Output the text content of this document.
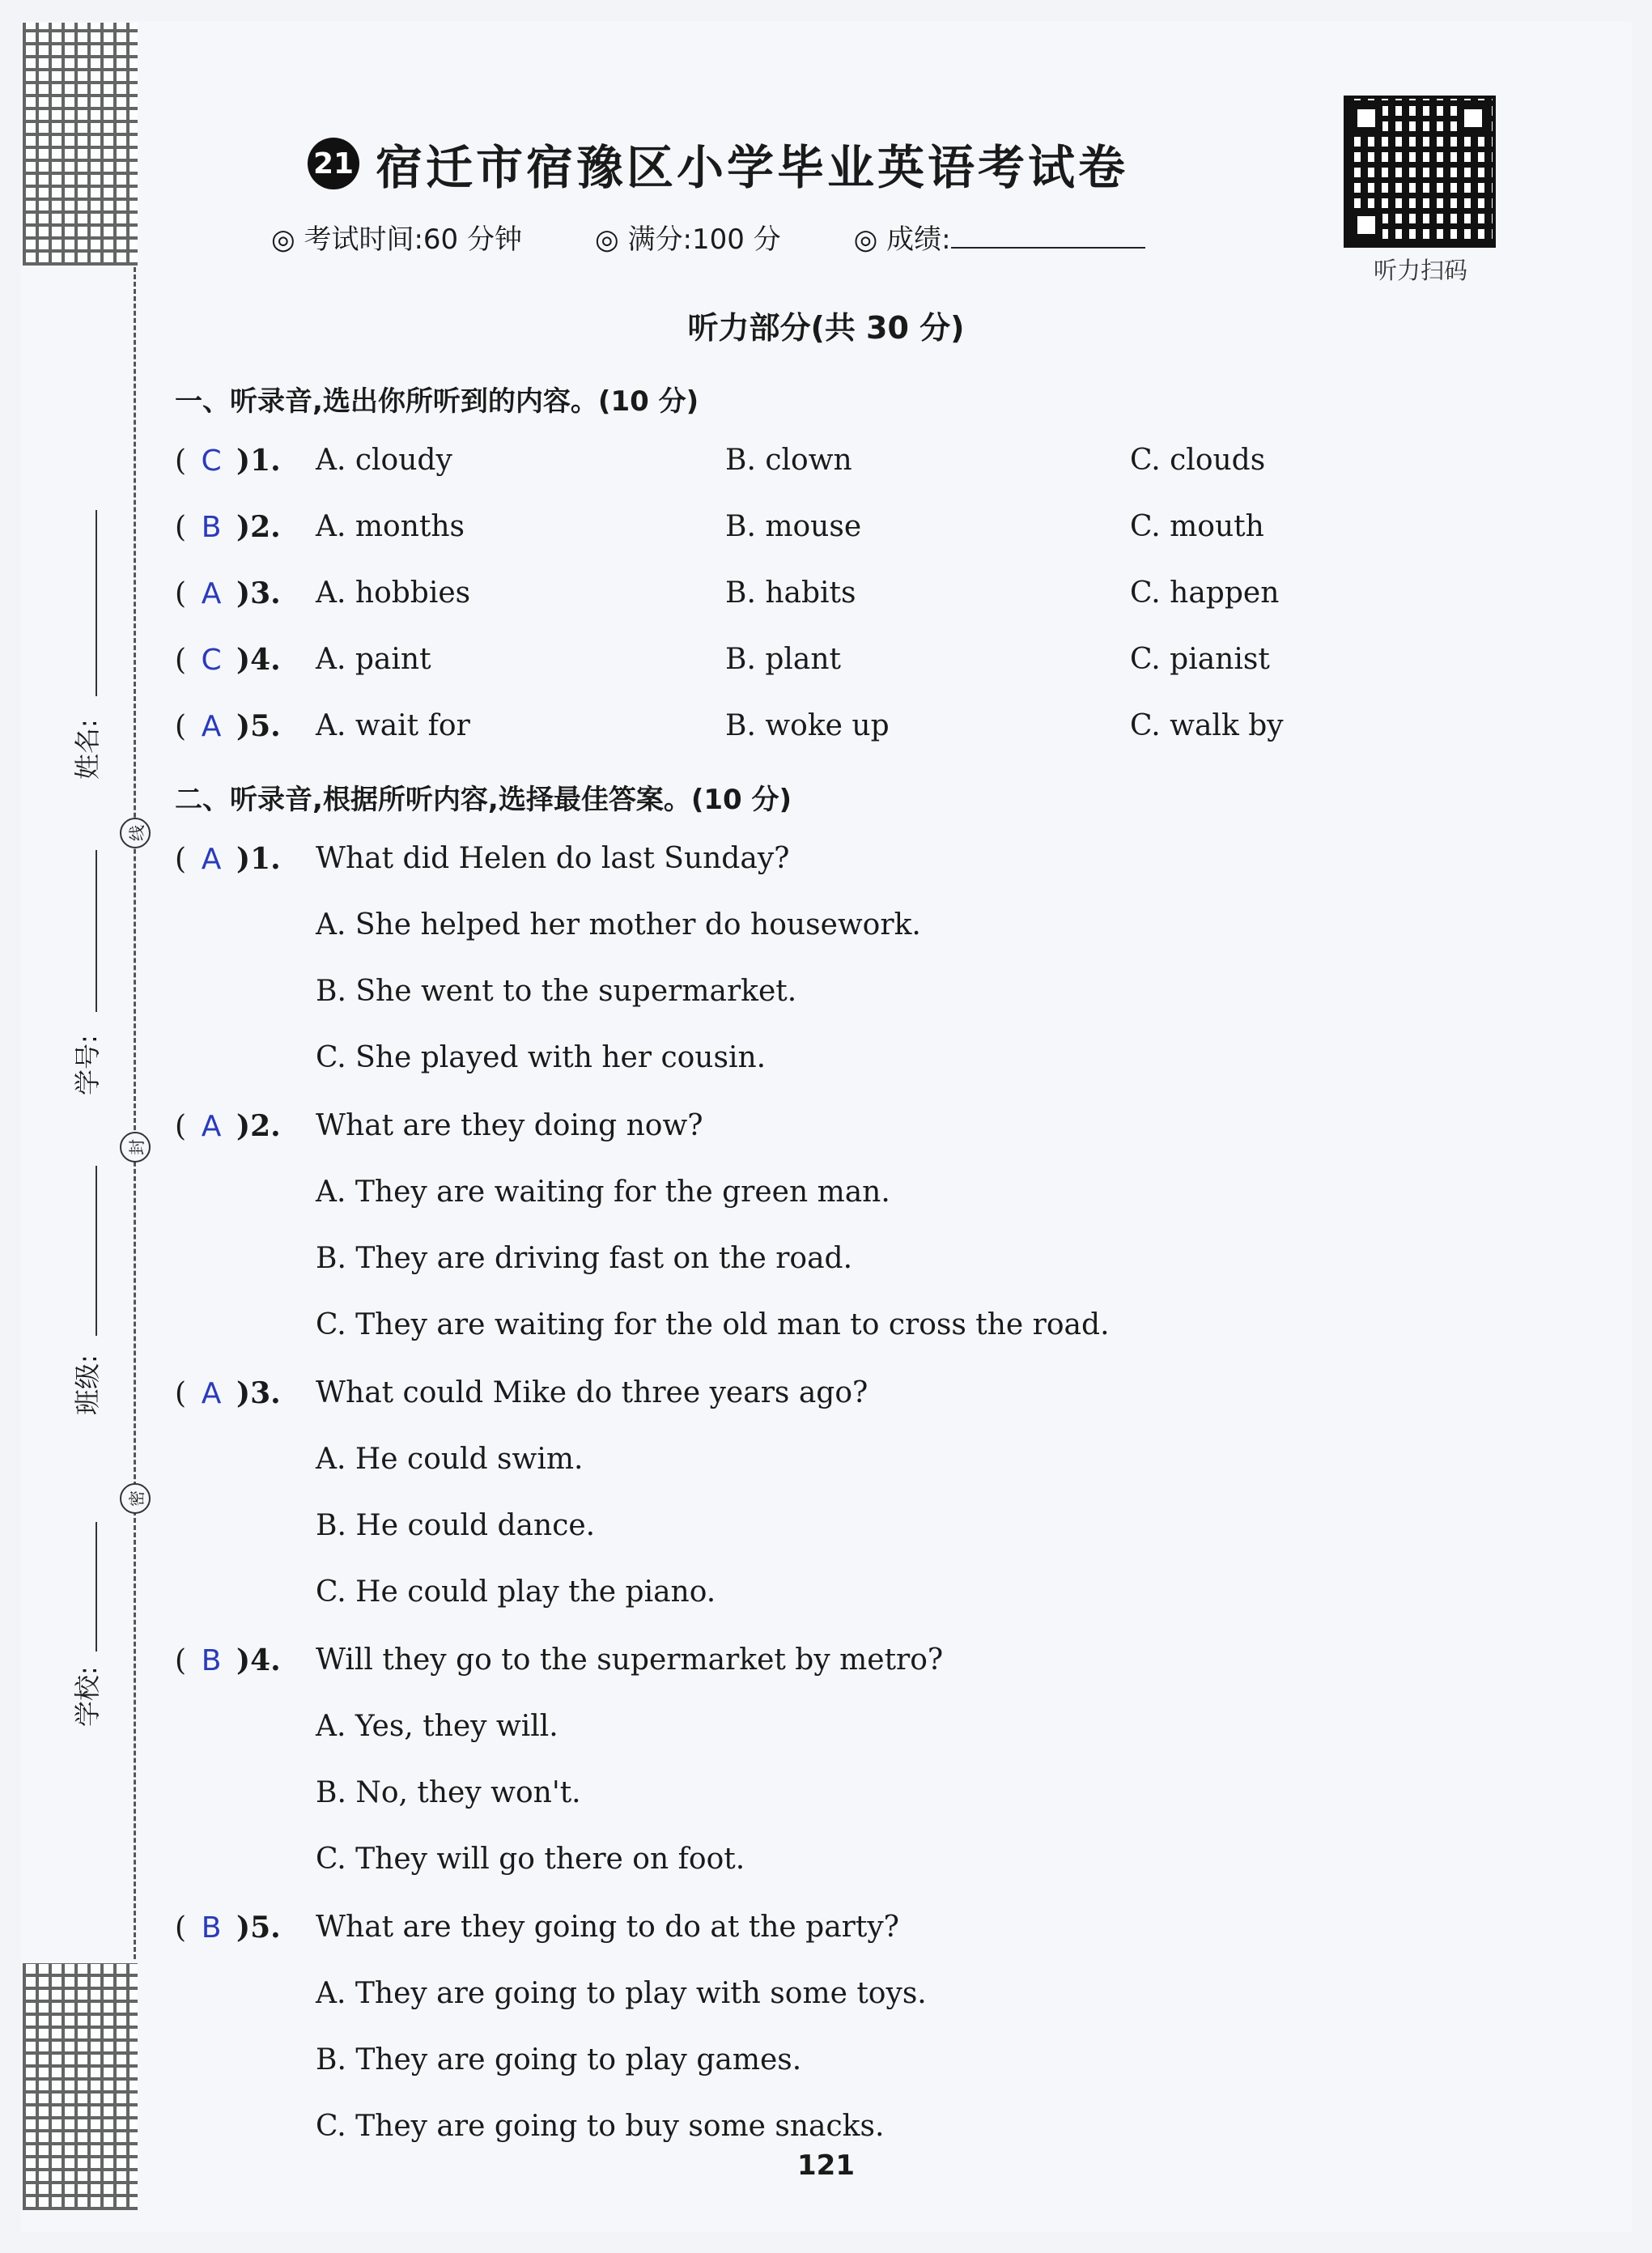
姓名:
线
学号:
封
班级:
密
学校:
21 宿迁市宿豫区小学毕业英语考试卷
◎ 考试时间:60 分钟	◎ 满分:100 分	◎ 成绩:
听力扫码
听力部分(共 30 分)
一、听录音,选出你所听到的内容。(10 分)
( C )1. A. cloudy	B. clown	C. clouds
( B )2. A. months	B. mouse	C. mouth
( A )3. A. hobbies	B. habits	C. happen
( C )4. A. paint	B. plant	C. pianist
( A )5. A. wait for	B. woke up	C. walk by
二、听录音,根据所听内容,选择最佳答案。(10 分)
( A )1. What did Helen do last Sunday?
A. She helped her mother do housework.
B. She went to the supermarket.
C. She played with her cousin.
( A )2. What are they doing now?
A. They are waiting for the green man.
B. They are driving fast on the road.
C. They are waiting for the old man to cross the road.
( A )3. What could Mike do three years ago?
A. He could swim.
B. He could dance.
C. He could play the piano.
( B )4. Will they go to the supermarket by metro?
A. Yes, they will.
B. No, they won't.
C. They will go there on foot.
( B )5. What are they going to do at the party?
A. They are going to play with some toys.
B. They are going to play games.
C. They are going to buy some snacks.
121
